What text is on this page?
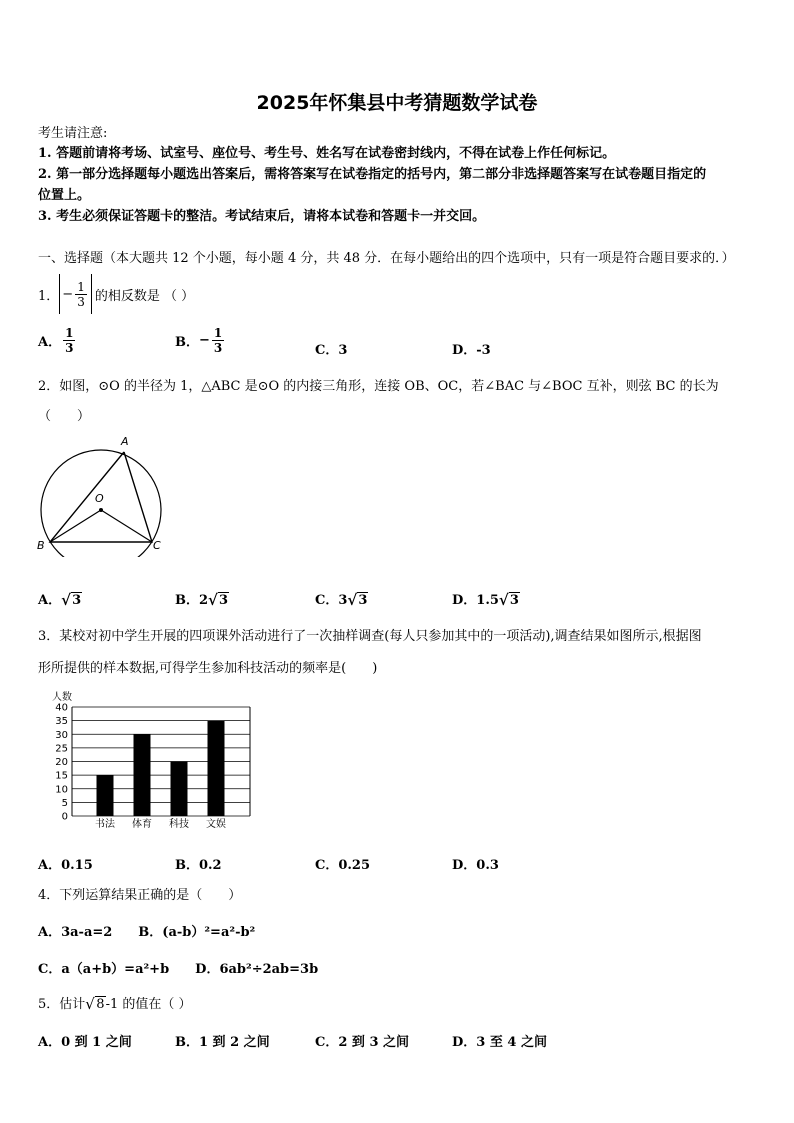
2025年怀集县中考猜题数学试卷
考生请注意:
1. 答题前请将考场、试室号、座位号、考生号、姓名写在试卷密封线内，不得在试卷上作任何标记。
2. 第一部分选择题每小题选出答案后，需将答案写在试卷指定的括号内，第二部分非选择题答案写在试卷题目指定的
位置上。
3. 考生必须保证答题卡的整洁。考试结束后，请将本试卷和答题卡一并交回。
一、选择题（本大题共 12 个小题，每小题 4 分，共 48 分．在每小题给出的四个选项中，只有一项是符合题目要求的．）
1． − $\frac{1}{3}$ 的相反数是 （ ）
A． $\frac{1}{3}$	B． − $\frac{1}{3}$	C．3	D．-3
2．如图，⊙O 的半径为 1，△ABC 是⊙O 的内接三角形，连接 OB、OC，若∠BAC 与∠BOC 互补，则弦 BC 的长为
（　　）
A
O
B	C
A． √ 3	B．2 √ 3	C．3 √ 3	D．1.5 √ 3
3．某校对初中学生开展的四项课外活动进行了一次抽样调查(每人只参加其中的一项活动),调查结果如图所示,根据图
形所提供的样本数据,可得学生参加科技活动的频率是(　　)
人数
0
5
10
15
20
25
30
35
40
书法 体育 科技 文娱
A．0.15	B．0.2	C．0.25	D．0.3
4．下列运算结果正确的是（　　）
A．3a-a=2　　B．(a-b）²=a²-b²
C．a（a+b）=a²+b　　D．6ab²÷2ab=3b
5．估计 √ 8-1 的值在（ ）
A．0 到 1 之间	B．1 到 2 之间	C．2 到 3 之间	D．3 至 4 之间
